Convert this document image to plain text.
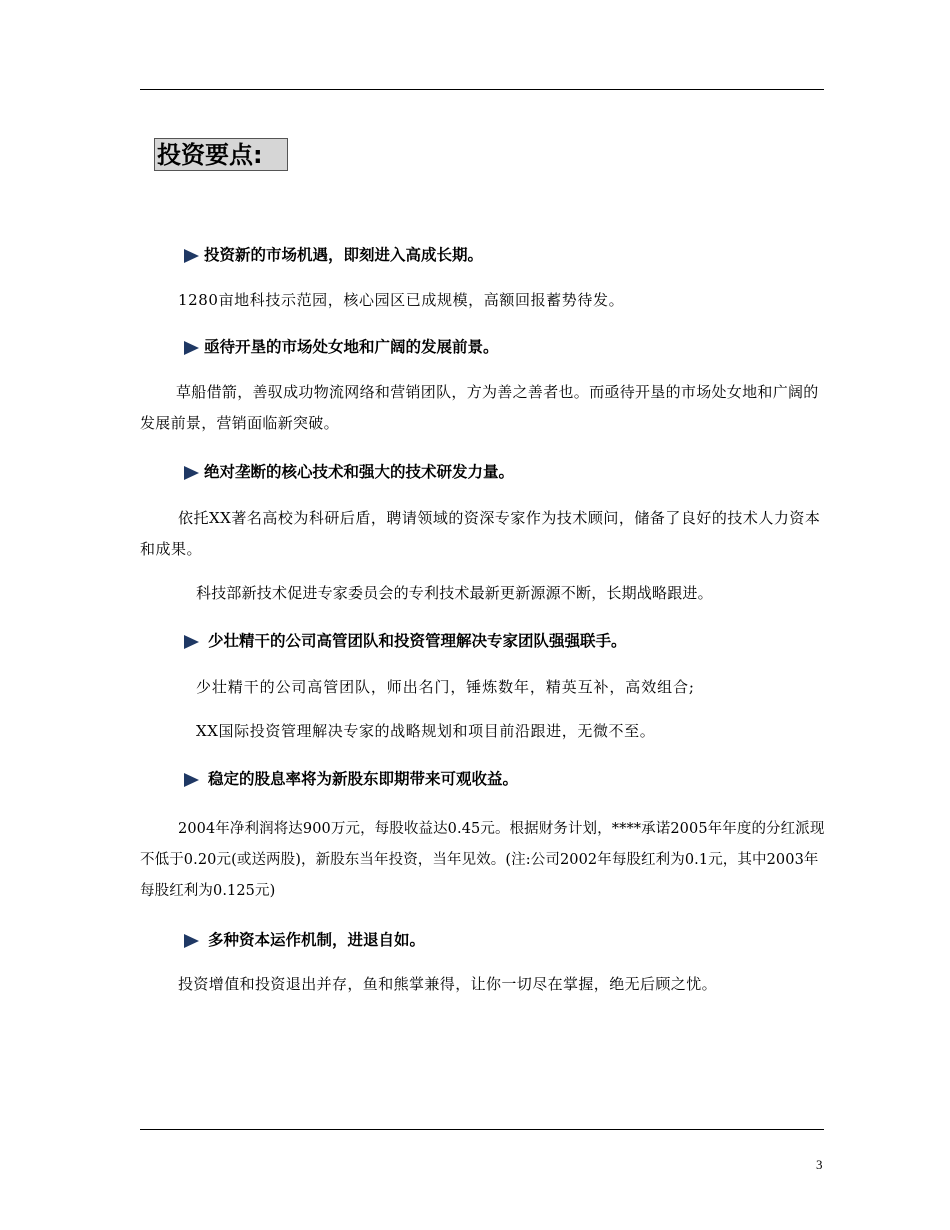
投资要点:
投资新的市场机遇，即刻进入高成长期。
1280亩地科技示范园，核心园区已成规模，高额回报蓄势待发。
亟待开垦的市场处女地和广阔的发展前景。
草船借箭，善驭成功物流网络和营销团队，方为善之善者也。而亟待开垦的市场处女地和广阔的发展前景，营销面临新突破。
绝对垄断的核心技术和强大的技术研发力量。
依托XX著名高校为科研后盾，聘请领域的资深专家作为技术顾问，储备了良好的技术人力资本和成果。
科技部新技术促进专家委员会的专利技术最新更新源源不断，长期战略跟进。
少壮精干的公司高管团队和投资管理解决专家团队强强联手。
少壮精干的公司高管团队，师出名门，锤炼数年，精英互补，高效组合;
XX国际投资管理解决专家的战略规划和项目前沿跟进，无微不至。
稳定的股息率将为新股东即期带来可观收益。
2004年净利润将达900万元，每股收益达0.45元。根据财务计划，****承诺2005年年度的分红派现不低于0.20元(或送两股)，新股东当年投资，当年见效。(注:公司2002年每股红利为0.1元，其中2003年每股红利为0.125元)
多种资本运作机制，进退自如。
投资增值和投资退出并存，鱼和熊掌兼得，让你一切尽在掌握，绝无后顾之忧。
3
